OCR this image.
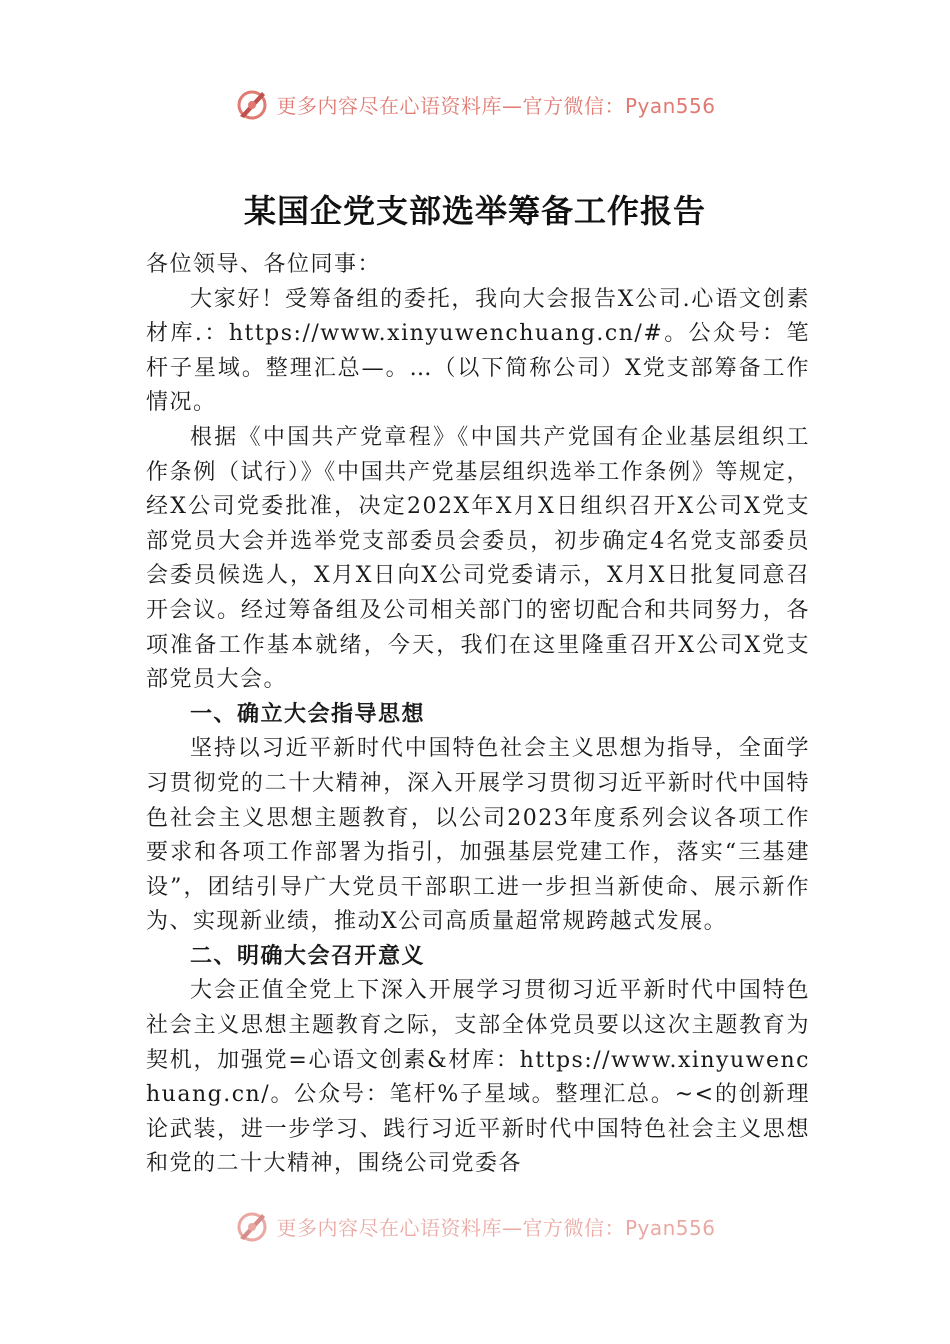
更多内容尽在心语资料库—官方微信：Pyan556
某国企党支部选举筹备工作报告

各位领导、各位同事：

大家好！受筹备组的委托，我向大会报告X公司.心语文创素材库.：https://www.xinyuwenchuang.cn/#。公众号：笔杆子星域。整理汇总—。…（以下简称公司）X党支部筹备工作情况。

根据《中国共产党章程》《中国共产党国有企业基层组织工作条例（试行）》《中国共产党基层组织选举工作条例》等规定，经X公司党委批准，决定202X年X月X日组织召开X公司X党支部党员大会并选举党支部委员会委员，初步确定4名党支部委员会委员候选人，X月X日向X公司党委请示，X月X日批复同意召开会议。经过筹备组及公司相关部门的密切配合和共同努力，各项准备工作基本就绪，今天，我们在这里隆重召开X公司X党支部党员大会。

一、确立大会指导思想

坚持以习近平新时代中国特色社会主义思想为指导，全面学习贯彻党的二十大精神，深入开展学习贯彻习近平新时代中国特色社会主义思想主题教育，以公司2023年度系列会议各项工作要求和各项工作部署为指引，加强基层党建工作，落实“三基建设”，团结引导广大党员干部职工进一步担当新使命、展示新作为、实现新业绩，推动X公司高质量超常规跨越式发展。

二、明确大会召开意义

大会正值全党上下深入开展学习贯彻习近平新时代中国特色社会主义思想主题教育之际，支部全体党员要以这次主题教育为契机，加强党=心语文创素&材库：https://www.xinyuwenchuang.cn/。公众号：笔杆%子星域。整理汇总。~<的创新理论武装，进一步学习、践行习近平新时代中国特色社会主义思想和党的二十大精神，围绕公司党委各

更多内容尽在心语资料库—官方微信：Pyan556
